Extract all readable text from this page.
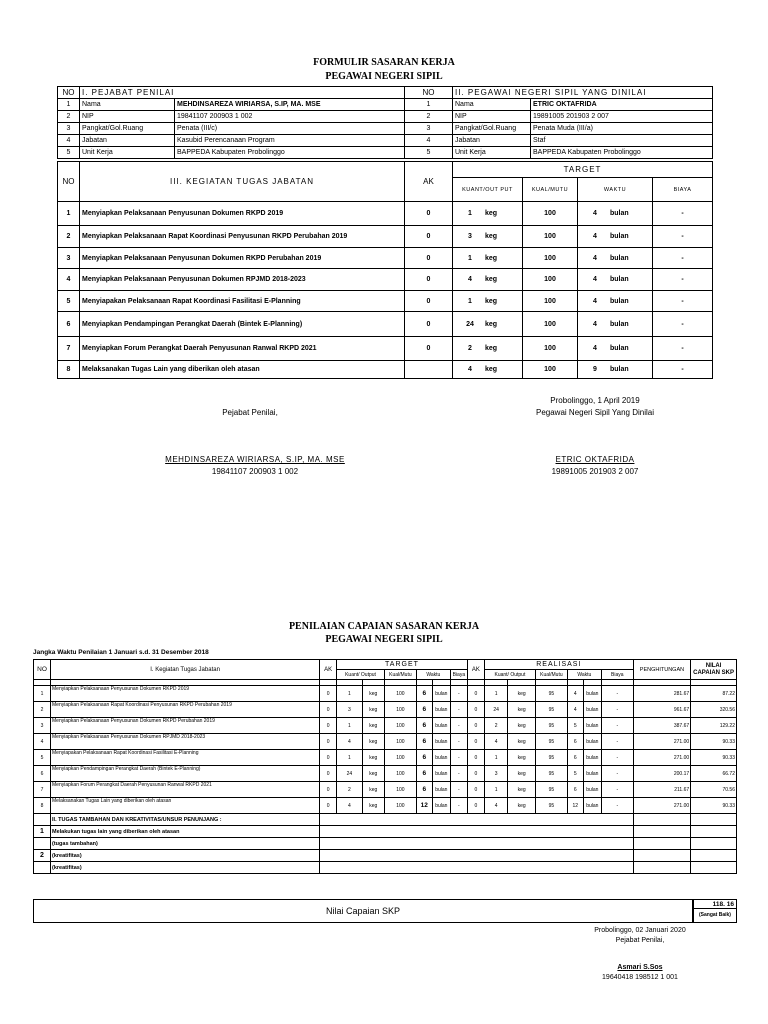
FORMULIR SASARAN KERJA
PEGAWAI NEGERI SIPIL
NO	I. PEJABAT PENILAI		NO	II. PEGAWAI NEGERI SIPIL YANG DINILAI	
1	Nama	MEHDINSAREZA WIRIARSA, S.IP, MA. MSE	1	Nama	ETRIC OKTAFRIDA
2	NIP	19841107 200903 1 002	2	NIP	19891005 201903 2 007
3	Pangkat/Gol.Ruang	Penata (III/c)	3	Pangkat/Gol.Ruang	Penata Muda (III/a)
4	Jabatan	Kasubid Perencanaan Program	4	Jabatan	Staf
5	Unit Kerja	BAPPEDA Kabupaten Probolinggo	5	Unit Kerja	BAPPEDA Kabupaten Probolinggo
NO	III. KEGIATAN TUGAS JABATAN	AK	TARGET			
			KUANT/OUT PUT	KUAL/MUTU	WAKTU	BIAYA
1	Menyiapkan Pelaksanaan Penyusunan Dokumen RKPD 2019	0	1 keg	100	4 bulan	-
2	Menyiapkan Pelaksanaan Rapat Koordinasi Penyusunan RKPD Perubahan 2019	0	3 keg	100	4 bulan	-
3	Menyiapkan Pelaksanaan Penyusunan Dokumen RKPD Perubahan 2019	0	1 keg	100	4 bulan	-
4	Menyiapkan Pelaksanaan Penyusunan Dokumen RPJMD 2018-2023	0	4 keg	100	4 bulan	-
5	Menyiapakan Pelaksanaan Rapat Koordinasi Fasilitasi E-Planning	0	1 keg	100	4 bulan	-
6	Menyiapkan Pendampingan Perangkat Daerah (Bintek E-Planning)	0	24 keg	100	4 bulan	-
7	Menyiapkan Forum Perangkat Daerah Penyusunan Ranwal RKPD 2021	0	2 keg	100	4 bulan	-
8	Melaksanakan Tugas Lain yang diberikan oleh atasan		4 keg	100	9 bulan	-
Probolinggo, 1 April 2019
Pejabat Penilai,	Pegawai Negeri Sipil Yang Dinilai
MEHDINSAREZA WIRIARSA, S.IP, MA. MSE
19841107 200903 1 002
ETRIC OKTAFRIDA
19891005 201903 2 007
PENILAIAN CAPAIAN SASARAN KERJA
PEGAWAI NEGERI SIPIL
Jangka Waktu Penilaian 1 Januari s.d. 31 Desember 2018
NO	I. Kegiatan Tugas Jabatan	AK	TARGET						AK	REALISASI						PENGHITUNGAN	NILAI CAPAIAN SKP
			Kuant/ Output		Kual/Mutu	Waktu		Biaya		Kuant/ Output		Kual/Mutu	Waktu		Biaya		

1	Menyiapkan Pelaksanaan Penyusunan Dokumen RKPD 2019	0	1	keg	100	6	bulan	-	0	1	keg	95	4	bulan	-	281.67	87.22
2	Menyiapkan Pelaksanaan Rapat Koordinasi Penyusunan RKPD Perubahan 2019	0	3	keg	100	6	bulan	-	0	24	keg	95	4	bulan	-	961.67	320.56
3	Menyiapkan Pelaksanaan Penyusunan Dokumen RKPD Perubahan 2019	0	1	keg	100	6	bulan	-	0	2	keg	95	5	bulan	-	387.67	129.22
4	Menyiapkan Pelaksanaan Penyusunan Dokumen RPJMD 2018-2023	0	4	keg	100	6	bulan	-	0	4	keg	95	6	bulan	-	271.00	90.33
5	Menyiapakan Pelaksanaan Rapat Koordinasi Fasilitasi E-Planning	0	1	keg	100	6	bulan	-	0	1	keg	95	6	bulan	-	271.00	90.33
6	Menyiapkan Pendampingan Perangkat Daerah (Bintek E-Planning)	0	24	keg	100	6	bulan	-	0	3	keg	95	5	bulan	-	200.17	66.72
7	Menyiapkan Forum Perangkat Daerah Penyusunan Ranwal RKPD 2021	0	2	keg	100	6	bulan	-	0	1	keg	95	6	bulan	-	211.67	70.56
8	Melaksanakan Tugas Lain yang diberikan oleh atasan	0	4	keg	100	12	bulan	-	0	4	keg	95	12	bulan	-	271.00	90.33
	II. TUGAS TAMBAHAN DAN KREATIVITAS/UNSUR PENUNJANG :																
1	Melakukan tugas lain yang diberikan oleh atasan																
	(tugas tambahan)																
2	(kreatifitas)																
	(kreatifitas)																
Nilai Capaian SKP
118. 16
(Sangat Baik)
Probolinggo, 02 Januari 2020
Pejabat Penilai,
Asmari S.Sos
19640418 198512 1 001
